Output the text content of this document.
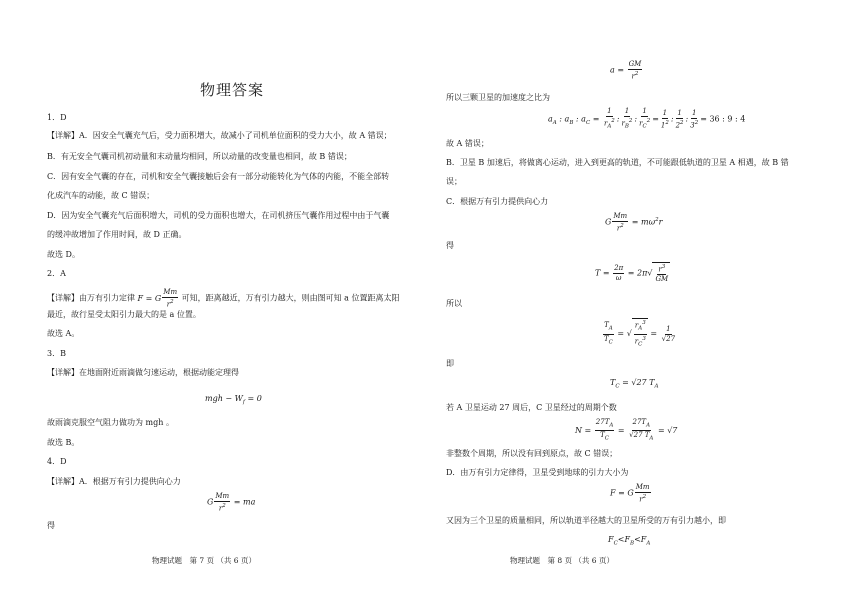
物理答案
1．D
【详解】A．因安全气囊充气后，受力面积增大，故减小了司机单位面积的受力大小，故 A 错误；
B．有无安全气囊司机初动量和末动量均相同，所以动量的改变量也相同，故 B 错误；
C．因有安全气囊的存在，司机和安全气囊接触后会有一部分动能转化为气体的内能，不能全部转
化成汽车的动能，故 C 错误；
D．因为安全气囊充气后面积增大，司机的受力面积也增大，在司机挤压气囊作用过程中由于气囊
的缓冲故增加了作用时间，故 D 正确。
故选 D。
2．A
【详解】由万有引力定律 F = G $\frac{Mm}{r^2}$ 可知，距离越近，万有引力越大，则由图可知 a 位置距离太阳
最近，故行星受太阳引力最大的是 a 位置。
故选 A。
3．B
【详解】在地面附近雨滴做匀速运动，根据动能定理得
mgh − $W_f = 0$
故雨滴克服空气阻力做功为 mgh 。
故选 B。
4．D
【详解】A．根据万有引力提供向心力
G $\frac{Mm}{r^2}$ = ma
得
物理试题　第 7 页 （共 6 页）
$a = \frac{GM}{r^2}$
所以三颗卫星的加速度之比为
$a_A$ : $a_B$ : $a_C = \frac{1}{r_A^2}$ : $\frac{1}{r_B^2}$ : $\frac{1}{r_C^2} = \frac{1}{1^2}$ : $\frac{1}{2^2}$ : $\frac{1}{3^2} = 36$ : 9 : 4
故 A 错误；
B．卫星 B 加速后，将做离心运动，进入到更高的轨道，不可能跟低轨道的卫星 A 相遇，故 B 错
误；
C．根据万有引力提供向心力
G $\frac{Mm}{r^2} = m\omega^2r$
得
$T = \frac{2\pi}{\omega} = 2\pi√ \frac{r^3}{GM}$
所以
$\frac{T_A}{T_C}$ = √ $\frac{r_A^3}{r_C^3} = \frac{1}{√27}$
即
$T_C = √27$ $T_A$
若 A 卫星运动 27 周后，C 卫星经过的周期个数
$N = \frac{27T_A}{T_C} = \frac{27T_A}{√27 T_A} = √7$
非整数个周期，所以没有回到原点，故 C 错误；
D．由万有引力定律得，卫星受到地球的引力大小为
F = G $\frac{Mm}{r^2}$
又因为三个卫星的质量相同，所以轨道半径越大的卫星所受的万有引力越小，即
$F_C<F_B<F_A$
物理试题　第 8 页 （共 6 页）
